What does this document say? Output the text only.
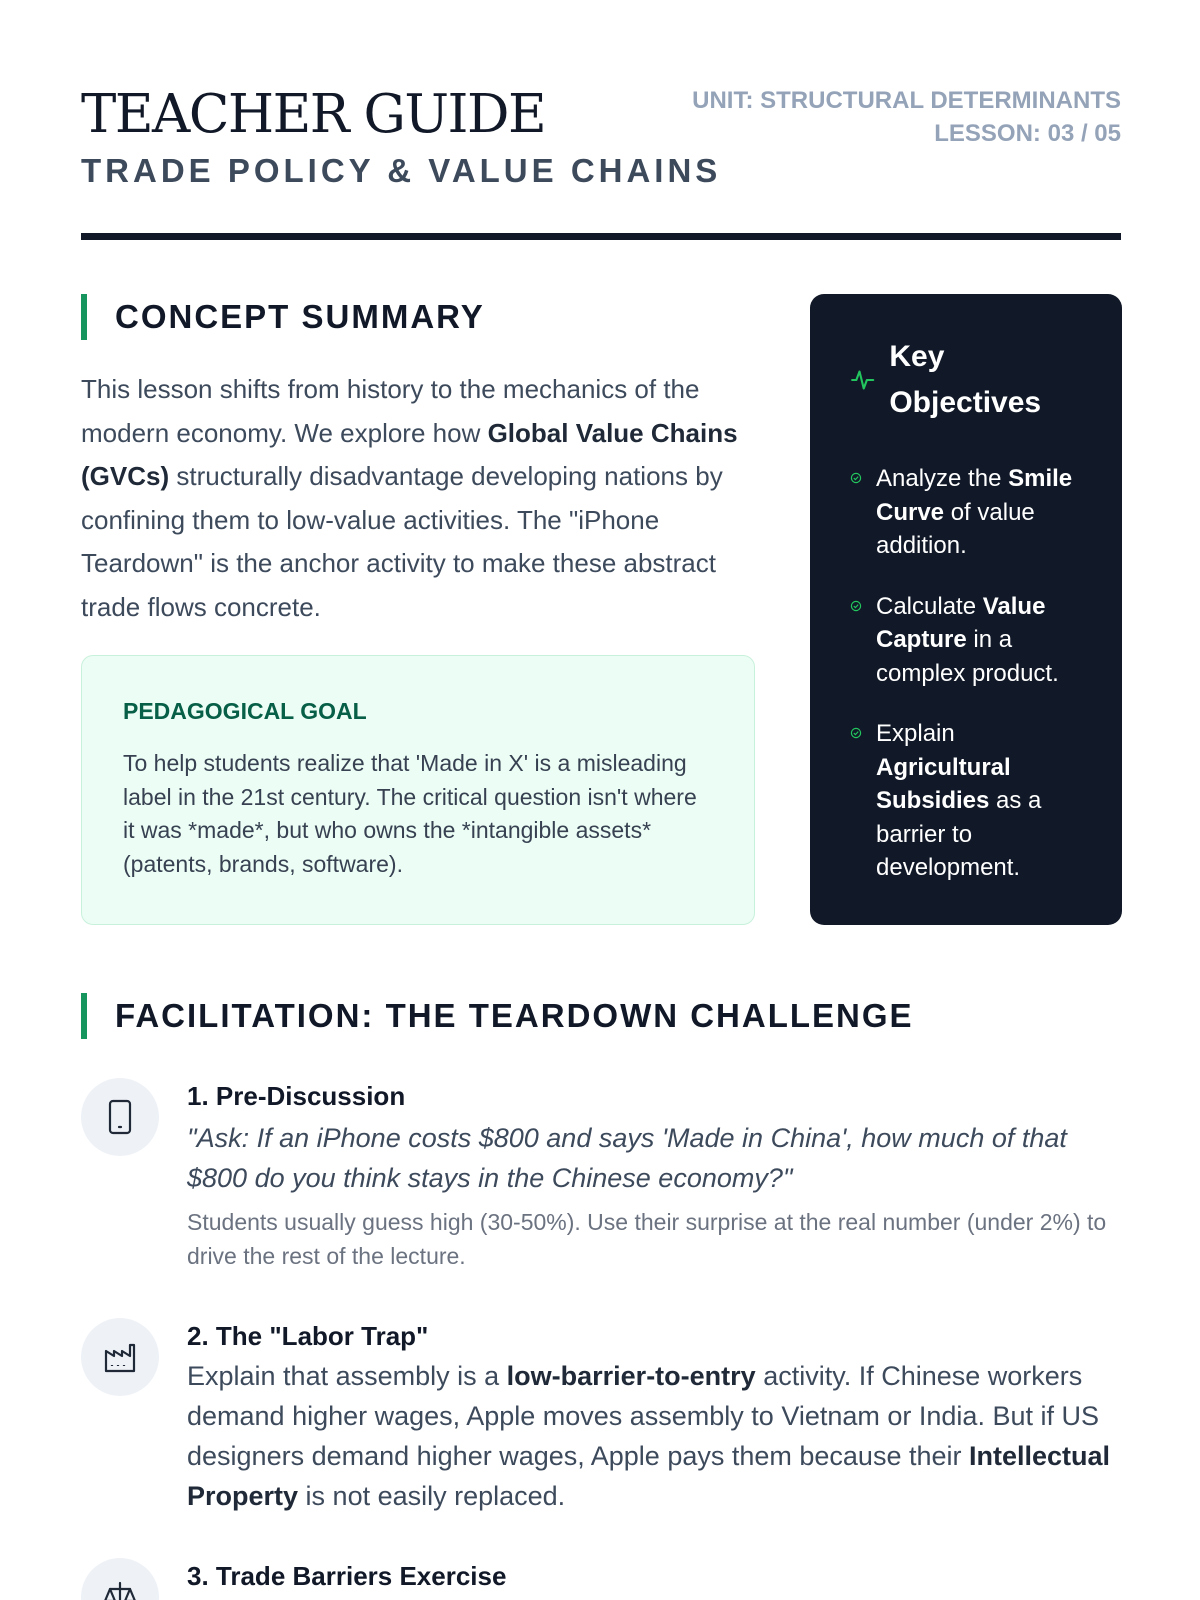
TEACHER GUIDE
TRADE POLICY & VALUE CHAINS
UNIT: STRUCTURAL DETERMINANTS
LESSON: 03 / 05
CONCEPT SUMMARY
This lesson shifts from history to the mechanics of the modern economy. We explore how Global Value Chains (GVCs) structurally disadvantage developing nations by confining them to low-value activities. The "iPhone Teardown" is the anchor activity to make these abstract trade flows concrete.
PEDAGOGICAL GOAL
To help students realize that 'Made in X' is a misleading label in the 21st century. The critical question isn't where it was *made*, but who owns the *intangible assets* (patents, brands, software).
Key Objectives
Analyze the Smile Curve of value addition.
Calculate Value Capture in a complex product.
Explain Agricultural Subsidies as a barrier to development.
FACILITATION: THE TEARDOWN CHALLENGE
1. Pre-Discussion
"Ask: If an iPhone costs $800 and says 'Made in China', how much of that $800 do you think stays in the Chinese economy?"
Students usually guess high (30-50%). Use their surprise at the real number (under 2%) to drive the rest of the lecture.
2. The "Labor Trap"
Explain that assembly is a low-barrier-to-entry activity. If Chinese workers demand higher wages, Apple moves assembly to Vietnam or India. But if US designers demand higher wages, Apple pays them because their Intellectual Property is not easily replaced.
3. Trade Barriers Exercise
